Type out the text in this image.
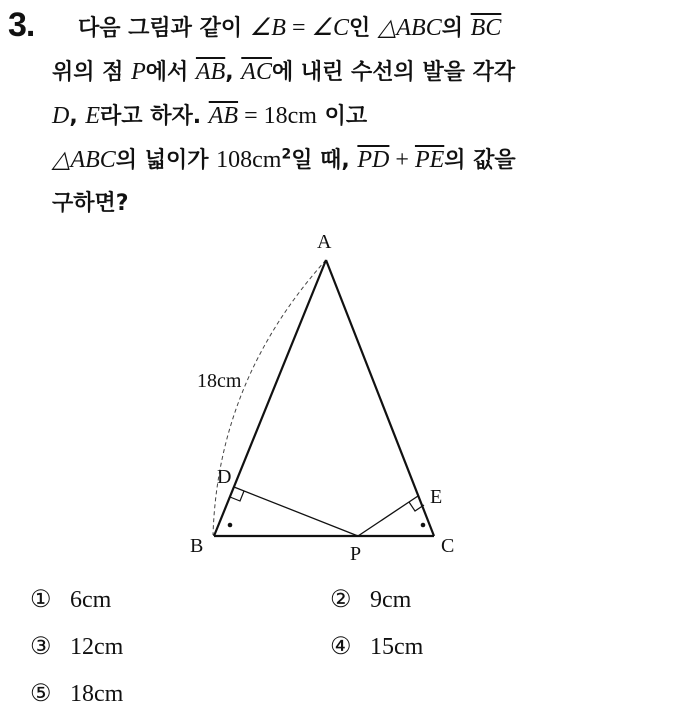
3.	다음 그림과 같이 ∠B = ∠C인 △ABC의 $\overline{BC}$
위의 점 P에서 $\overline{AB}$, $\overline{AC}$에 내린 수선의 발을 각각
D, E라고 하자. $\overline{AB} = 18cm$ 이고
△ABC의 넓이가 $108cm^2$일 때, $\overline{PD} + \overline{PE}$의 값을
구하면?
A
B	C
D
E
P
18cm
① 6cm	② 9cm
③ 12cm	④ 15cm
⑤ 18cm
